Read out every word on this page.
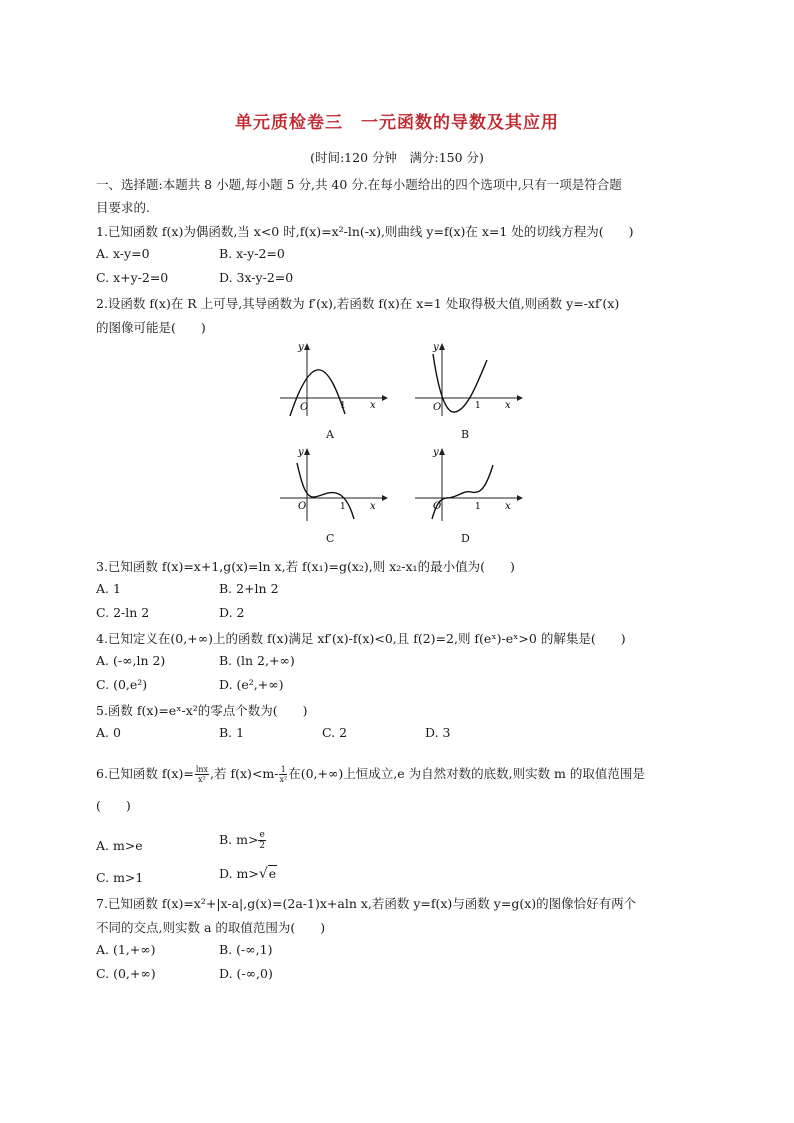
单元质检卷三　一元函数的导数及其应用
(时间:120 分钟　满分:150 分)
一、选择题:本题共 8 小题,每小题 5 分,共 40 分.在每小题给出的四个选项中,只有一项是符合题
目要求的.
1.已知函数 f(x)为偶函数,当 x<0 时,f(x)=x²-ln(-x),则曲线 y=f(x)在 x=1 处的切线方程为(　　)
A. x-y=0	B. x-y-2=0
C. x+y-2=0	D. 3x-y-2=0
2.设函数 f(x)在 R 上可导,其导函数为 f′(x),若函数 f(x)在 x=1 处取得极大值,则函数 y=-xf′(x)
的图像可能是(　　)
O	1 x
y
A
O	1 x
y
B
O	1 x
y
C
O	1 x
y
D
3.已知函数 f(x)=x+1,g(x)=ln x,若 f(x₁)=g(x₂),则 x₂-x₁的最小值为(　　)
A. 1	B. 2+ln 2
C. 2-ln 2	D. 2
4.已知定义在(0,+∞)上的函数 f(x)满足 xf′(x)-f(x)<0,且 f(2)=2,则 f(eˣ)-eˣ>0 的解集是(　　)
A. (-∞,ln 2)	B. (ln 2,+∞)
C. (0,e²)	D. (e²,+∞)
5.函数 f(x)=eˣ-x²的零点个数为(　　)
A. 0	B. 1	C. 2	D. 3
6.已知函数 $f(x)= \frac{\ln x}{\text{x²}}$ ,若 $f(x)<m- \frac{1}{\text{x²}}$ 在(0,+∞)上恒成立,e 为自然对数的底数,则实数 m 的取值范围是
(　　)
A. m>e	B. $m> \frac{e}{2}$
C. m>1	D. m>√e
7.已知函数 f(x)=x²+|x-a|,g(x)=(2a-1)x+aln x,若函数 y=f(x)与函数 y=g(x)的图像恰好有两个
不同的交点,则实数 a 的取值范围为(　　)
A. (1,+∞)	B. (-∞,1)
C. (0,+∞)	D. (-∞,0)
